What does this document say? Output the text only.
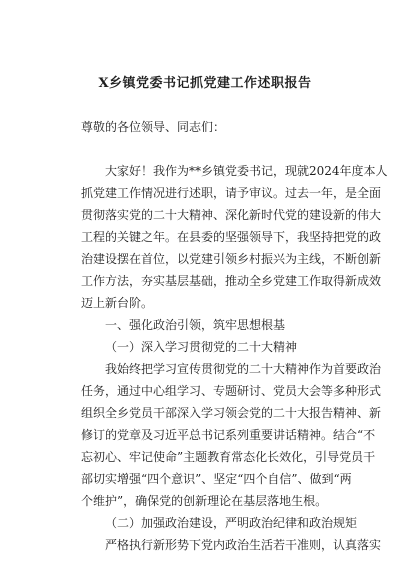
X乡镇党委书记抓党建工作述职报告
尊敬的各位领导、同志们：
大家好！我作为**乡镇党委书记，现就2024年度本人
抓党建工作情况进行述职，请予审议。过去一年，是全面
贯彻落实党的二十大精神、深化新时代党的建设新的伟大
工程的关键之年。在县委的坚强领导下，我坚持把党的政
治建设摆在首位，以党建引领乡村振兴为主线，不断创新
工作方法，夯实基层基础，推动全乡党建工作取得新成效
迈上新台阶。
一、强化政治引领，筑牢思想根基
（一）深入学习贯彻党的二十大精神
我始终把学习宣传贯彻党的二十大精神作为首要政治
任务，通过中心组学习、专题研讨、党员大会等多种形式
组织全乡党员干部深入学习领会党的二十大报告精神、新
修订的党章及习近平总书记系列重要讲话精神。结合“不
忘初心、牢记使命”主题教育常态化长效化，引导党员干
部切实增强“四个意识”、坚定“四个自信”、做到“两
个维护”，确保党的创新理论在基层落地生根。
（二）加强政治建设，严明政治纪律和政治规矩
严格执行新形势下党内政治生活若干准则，认真落实
